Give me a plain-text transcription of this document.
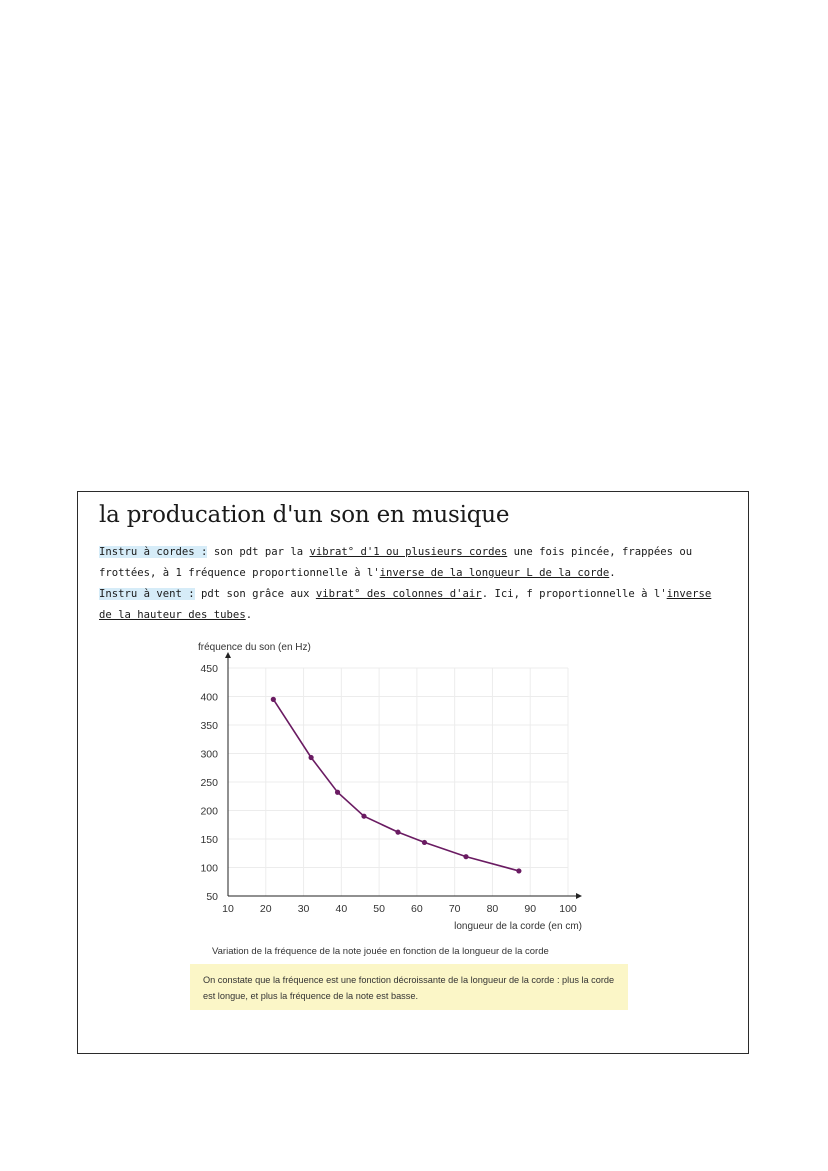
la producation d'un son en musique

Instru à cordes : son pdt par la vibrat° d'1 ou plusieurs cordes une fois pincée, frappées ou frottées, à 1 fréquence proportionnelle à l'inverse de la longueur L de la corde.
Instru à vent : pdt son grâce aux vibrat° des colonnes d'air. Ici, f proportionnelle à l'inverse de la hauteur des tubes.

50
100
150
200
250
300
350
400
450
10 20 30 40 50 60 70 80 90 100
fréquence du son (en Hz)
longueur de la corde (en cm)
Variation de la fréquence de la note jouée en fonction de la longueur de la corde
On constate que la fréquence est une fonction décroissante de la longueur de la corde : plus la corde est longue, et plus la fréquence de la note est basse.
